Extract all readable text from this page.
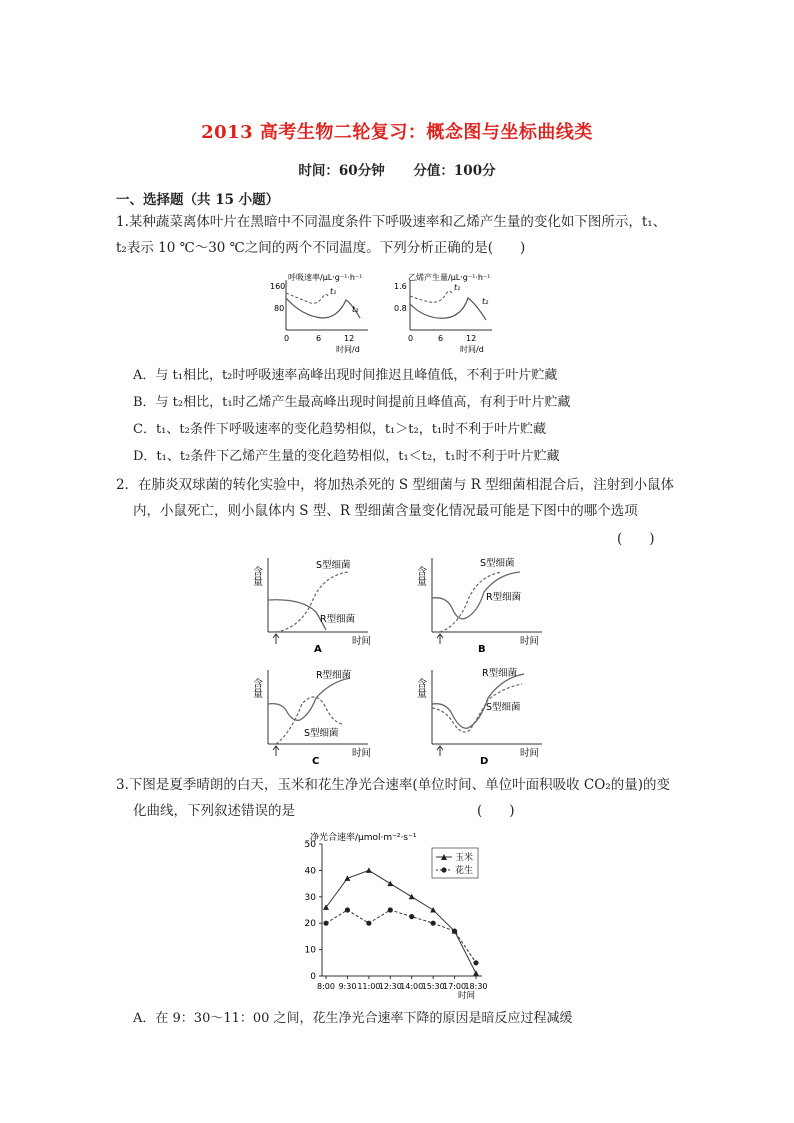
2013 高考生物二轮复习：概念图与坐标曲线类
时间：60分钟 分值：100分
一、选择题（共 15 小题）
1.某种蔬菜离体叶片在黑暗中不同温度条件下呼吸速率和乙烯产生量的变化如下图所示，t₁、
t₂表示 10 ℃～30 ℃之间的两个不同温度。下列分析正确的是(　　)
呼吸速率/μL·g⁻¹·h⁻¹
160
80
0	6	12
时间/d
t₁
t₂
乙烯产生量/μL·g⁻¹·h⁻¹
1.6
0.8
0	6	12
时间/d
t₁
t₂
A．与 t₁相比，t₂时呼吸速率高峰出现时间推迟且峰值低，不利于叶片贮藏
B．与 t₂相比，t₁时乙烯产生最高峰出现时间提前且峰值高，有利于叶片贮藏
C．t₁、t₂条件下呼吸速率的变化趋势相似，t₁＞t₂，t₁时不利于叶片贮藏
D．t₁、t₂条件下乙烯产生量的变化趋势相似，t₁＜t₂，t₁时不利于叶片贮藏
2．在肺炎双球菌的转化实验中，将加热杀死的 S 型细菌与 R 型细菌相混合后，注射到小鼠体
内，小鼠死亡，则小鼠体内 S 型、R 型细菌含量变化情况最可能是下图中的哪个选项
(　　)
含量
S型细菌
R型细菌
时间
A
含量
S型细菌
R型细菌
时间
B
含量
R型细菌
S型细菌
时间
C
含量
R型细菌
S型细菌
时间
D
3.下图是夏季晴朗的白天，玉米和花生净光合速率(单位时间、单位叶面积吸收 CO₂的量)的变
化曲线，下列叙述错误的是	(　　)
净光合速率/μmol·m⁻²·s⁻¹
0
10
20
30
40
50
8:00 9:30 11:00
12:30
14:00
15:30
17:00
18:30
时间
玉米
花生
A．在 9：30～11：00 之间，花生净光合速率下降的原因是暗反应过程减缓
